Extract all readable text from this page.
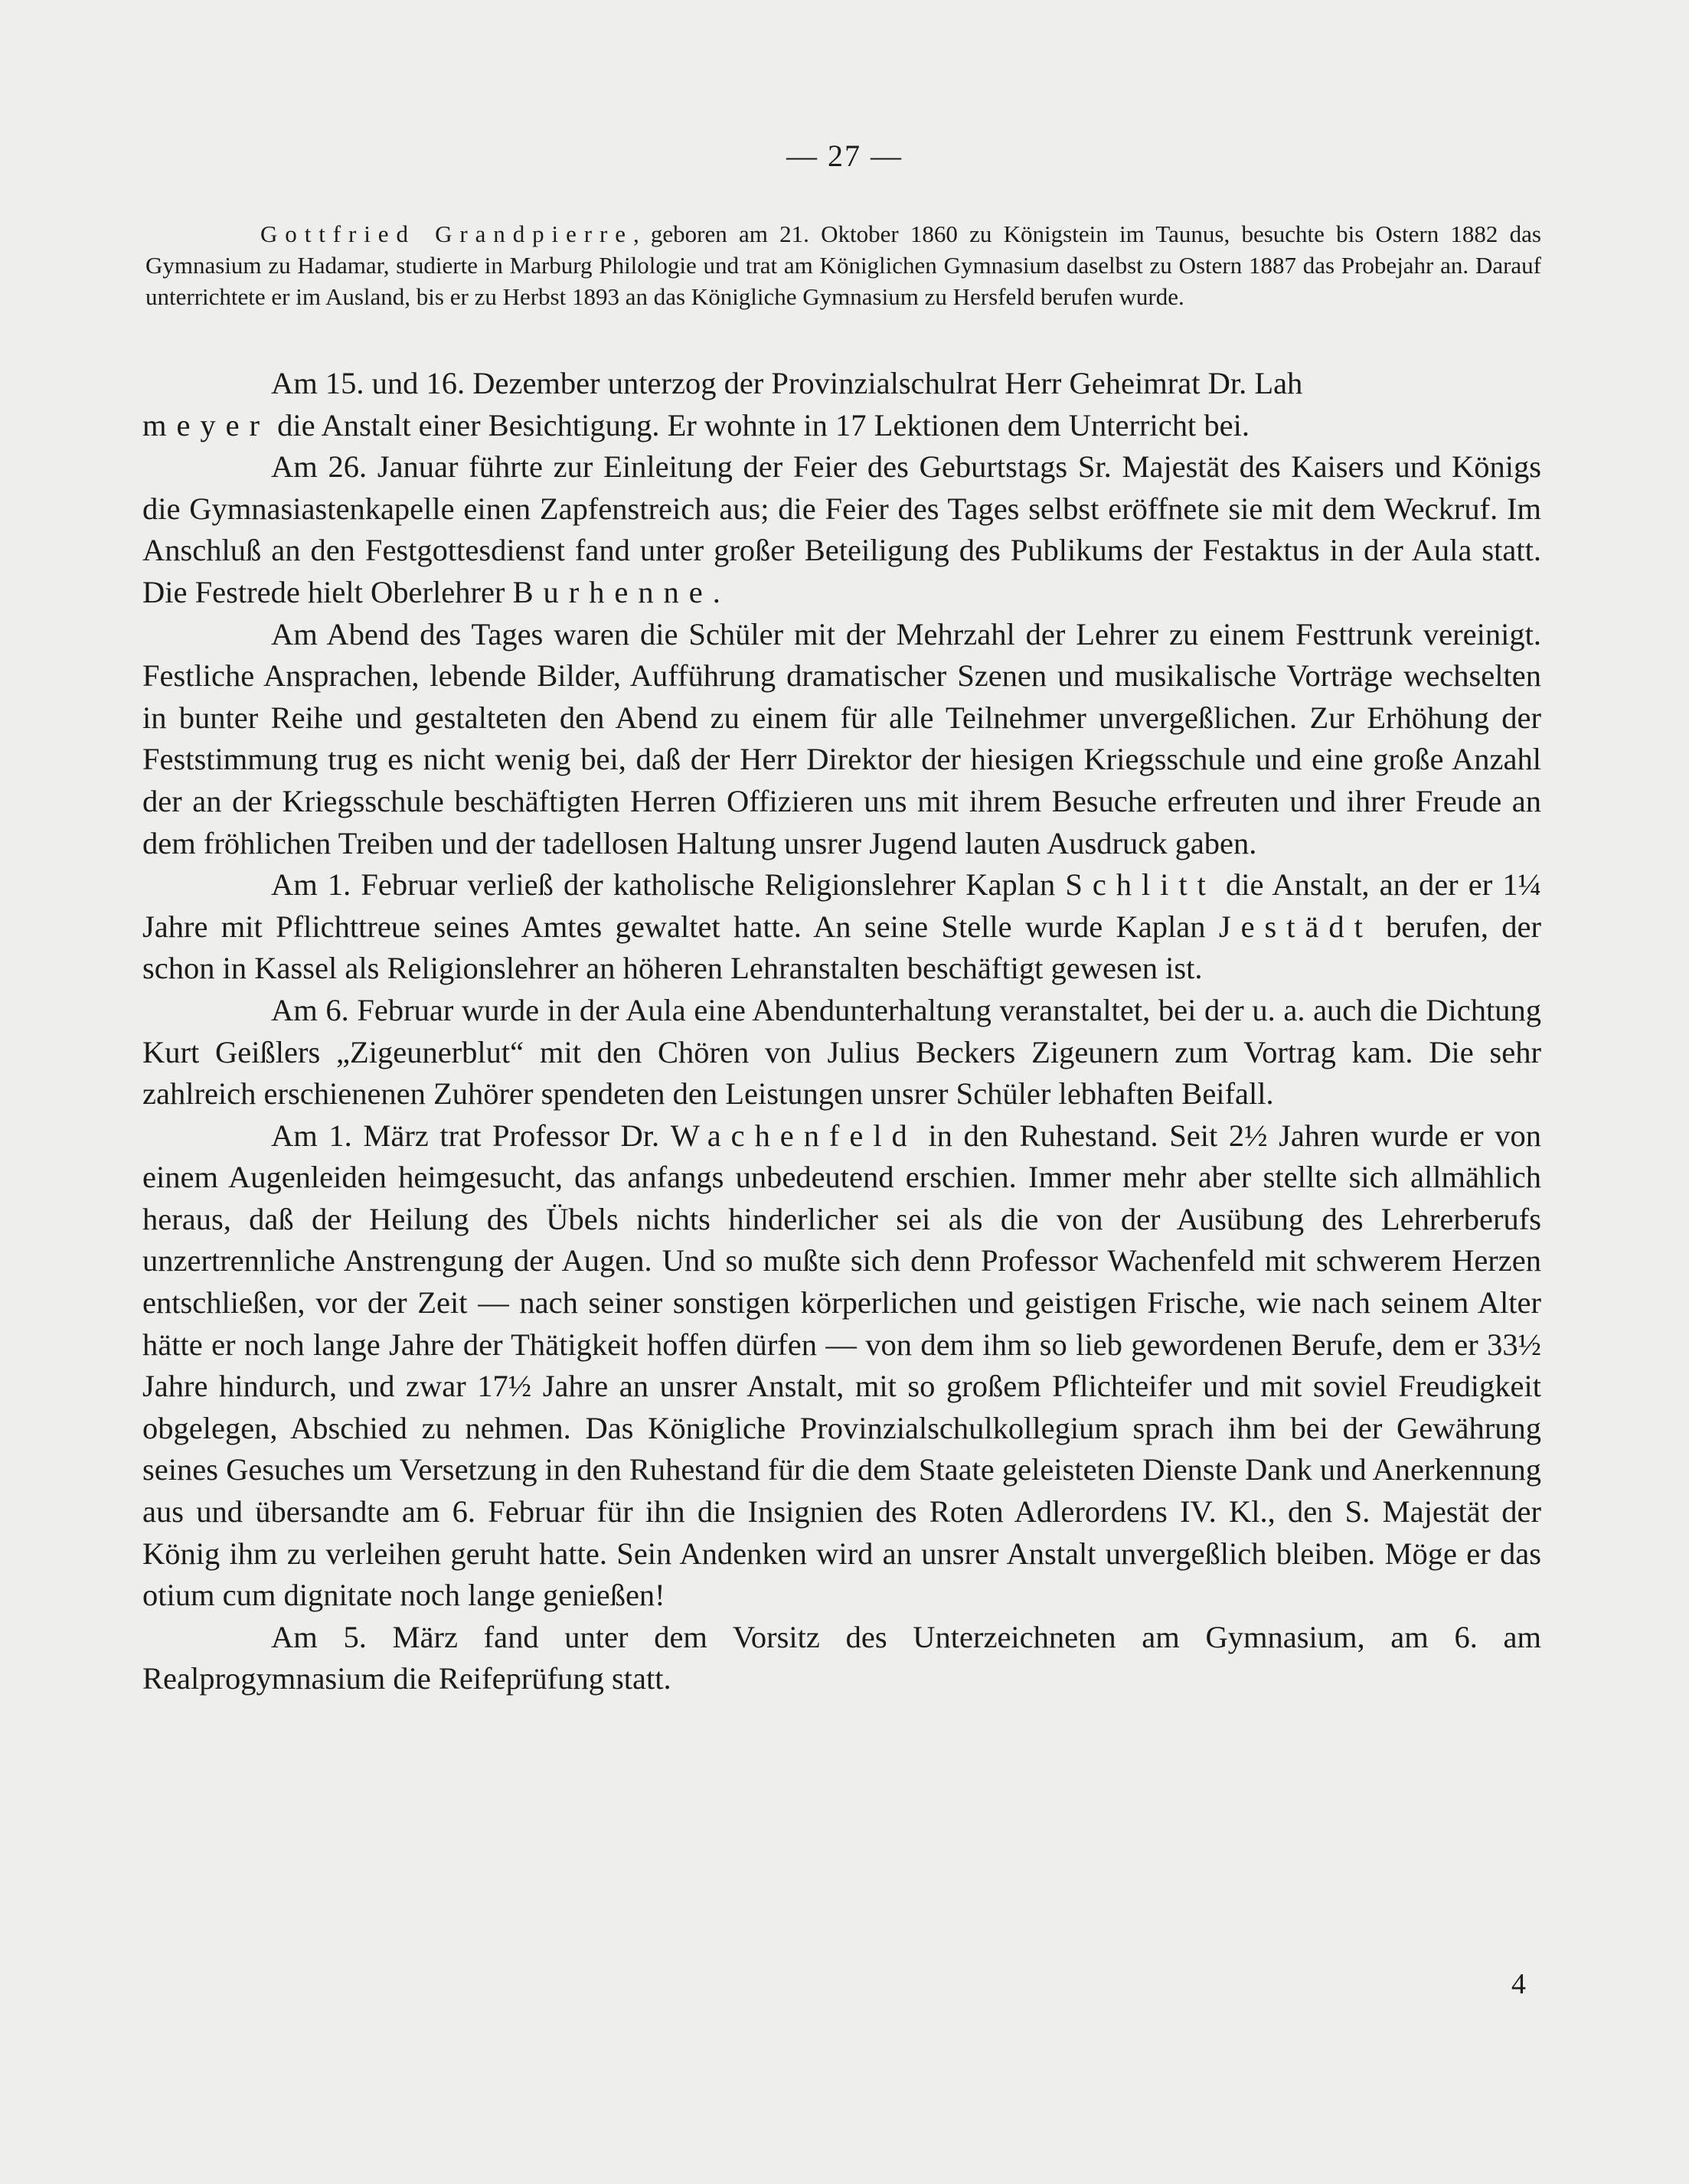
— 27 —
Gottfried Grandpierre, geboren am 21. Oktober 1860 zu Königstein im Taunus, besuchte bis Ostern 1882 das Gymnasium zu Hadamar, studierte in Marburg Philologie und trat am Königlichen Gymnasium daselbst zu Ostern 1887 das Probejahr an. Darauf unterrichtete er im Ausland, bis er zu Herbst 1893 an das Königliche Gymnasium zu Hersfeld berufen wurde.

Am 15. und 16. Dezember unterzog der Provinzialschulrat Herr Geheimrat Dr. Lah
meyer die Anstalt einer Besichtigung. Er wohnte in 17 Lektionen dem Unterricht bei.

Am 26. Januar führte zur Einleitung der Feier des Geburtstags Sr. Majestät des Kaisers und Königs die Gymnasiastenkapelle einen Zapfenstreich aus; die Feier des Tages selbst eröffnete sie mit dem Weckruf. Im Anschluß an den Festgottesdienst fand unter großer Beteiligung des Publikums der Festaktus in der Aula statt. Die Festrede hielt Oberlehrer Burhenne.

Am Abend des Tages waren die Schüler mit der Mehrzahl der Lehrer zu einem Festtrunk vereinigt. Festliche Ansprachen, lebende Bilder, Aufführung dramatischer Szenen und musikalische Vorträge wechselten in bunter Reihe und gestalteten den Abend zu einem für alle Teilnehmer unvergeßlichen. Zur Erhöhung der Feststimmung trug es nicht wenig bei, daß der Herr Direktor der hiesigen Kriegsschule und eine große Anzahl der an der Kriegsschule beschäftigten Herren Offizieren uns mit ihrem Besuche erfreuten und ihrer Freude an dem fröhlichen Treiben und der tadellosen Haltung unsrer Jugend lauten Ausdruck gaben.

Am 1. Februar verließ der katholische Religionslehrer Kaplan Schlitt die Anstalt, an der er 1¼ Jahre mit Pflichttreue seines Amtes gewaltet hatte. An seine Stelle wurde Kaplan Jestädt berufen, der schon in Kassel als Religionslehrer an höheren Lehranstalten beschäftigt gewesen ist.

Am 6. Februar wurde in der Aula eine Abendunterhaltung veranstaltet, bei der u. a. auch die Dichtung Kurt Geißlers „Zigeunerblut“ mit den Chören von Julius Beckers Zigeunern zum Vortrag kam. Die sehr zahlreich erschienenen Zuhörer spendeten den Leistungen unsrer Schüler lebhaften Beifall.

Am 1. März trat Professor Dr. Wachenfeld in den Ruhestand. Seit 2½ Jahren wurde er von einem Augenleiden heimgesucht, das anfangs unbedeutend erschien. Immer mehr aber stellte sich allmählich heraus, daß der Heilung des Übels nichts hinderlicher sei als die von der Ausübung des Lehrerberufs unzertrennliche Anstrengung der Augen. Und so mußte sich denn Professor Wachenfeld mit schwerem Herzen entschließen, vor der Zeit — nach seiner sonstigen körperlichen und geistigen Frische, wie nach seinem Alter hätte er noch lange Jahre der Thätigkeit hoffen dürfen — von dem ihm so lieb gewordenen Berufe, dem er 33½ Jahre hindurch, und zwar 17½ Jahre an unsrer Anstalt, mit so großem Pflichteifer und mit soviel Freudigkeit obgelegen, Abschied zu nehmen. Das Königliche Provinzialschulkollegium sprach ihm bei der Gewährung seines Gesuches um Versetzung in den Ruhestand für die dem Staate geleisteten Dienste Dank und Anerkennung aus und übersandte am 6. Februar für ihn die Insignien des Roten Adlerordens IV. Kl., den S. Majestät der König ihm zu verleihen geruht hatte. Sein Andenken wird an unsrer Anstalt unvergeßlich bleiben. Möge er das otium cum dignitate noch lange genießen!

Am 5. März fand unter dem Vorsitz des Unterzeichneten am Gymnasium, am 6. am Realprogymnasium die Reifeprüfung statt.

4
